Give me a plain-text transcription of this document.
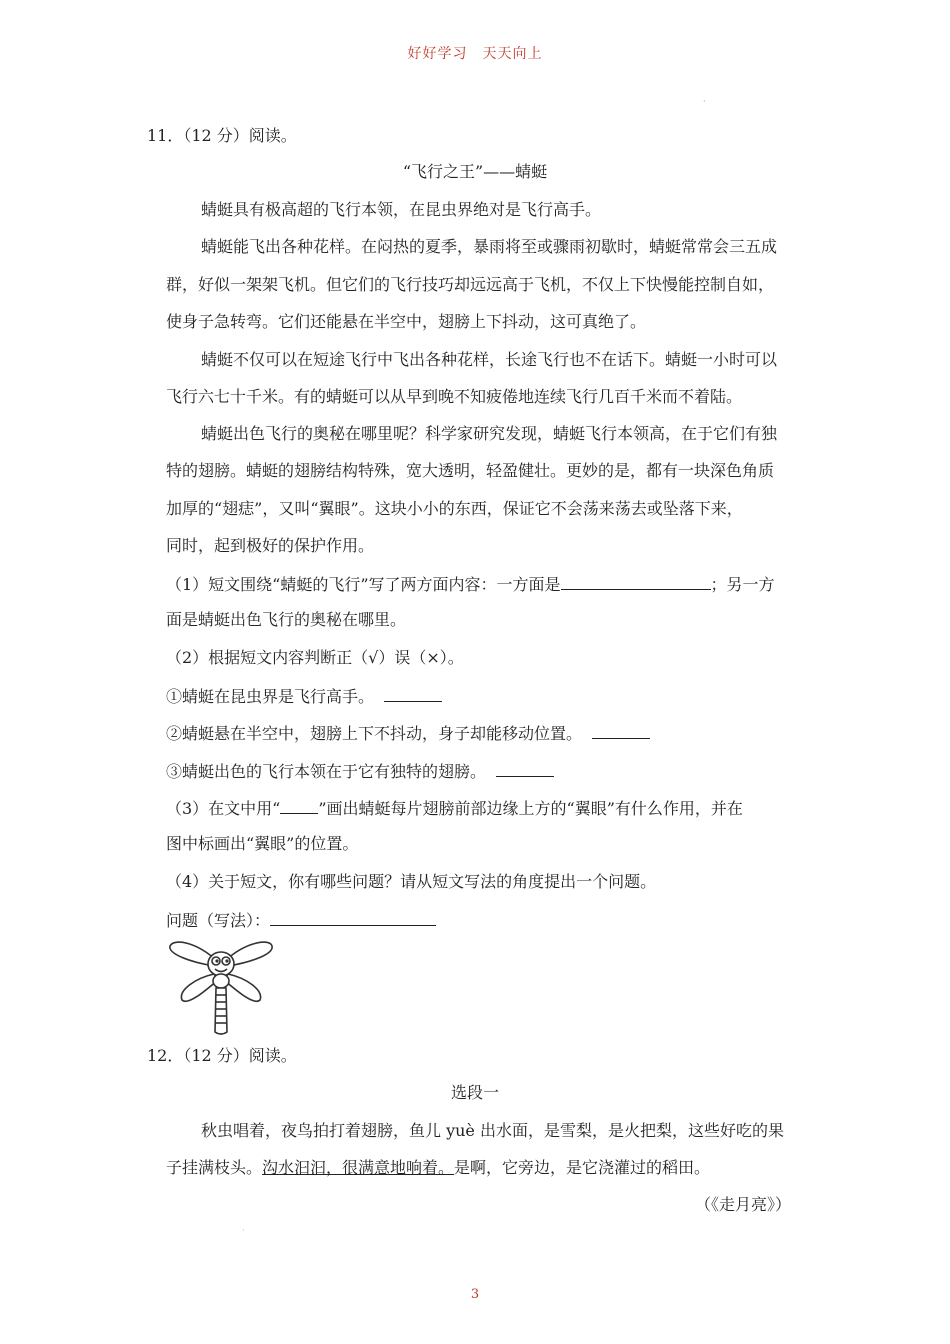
好好学习　天天向上
·
11．（12 分）阅读。
“飞行之王”——蜻蜓
蜻蜓具有极高超的飞行本领，在昆虫界绝对是飞行高手。
蜻蜓能飞出各种花样。在闷热的夏季，暴雨将至或骤雨初歇时，蜻蜓常常会三五成
群，好似一架架飞机。但它们的飞行技巧却远远高于飞机，不仅上下快慢能控制自如，
使身子急转弯。它们还能悬在半空中，翅膀上下抖动，这可真绝了。
蜻蜓不仅可以在短途飞行中飞出各种花样，长途飞行也不在话下。蜻蜓一小时可以
飞行六七十千米。有的蜻蜓可以从早到晚不知疲倦地连续飞行几百千米而不着陆。
蜻蜓出色飞行的奥秘在哪里呢？科学家研究发现，蜻蜓飞行本领高，在于它们有独
特的翅膀。蜻蜓的翅膀结构特殊，宽大透明，轻盈健壮。更妙的是，都有一块深色角质
加厚的“翅痣”，又叫“翼眼”。这块小小的东西，保证它不会荡来荡去或坠落下来，
同时，起到极好的保护作用。
（1）短文围绕“蜻蜓的飞行”写了两方面内容：一方面是	；另一方
面是蜻蜓出色飞行的奥秘在哪里。
（2）根据短文内容判断正（√）误（×）。
①蜻蜓在昆虫界是飞行高手。
②蜻蜓悬在半空中，翅膀上下不抖动，身子却能移动位置。
③蜻蜓出色的飞行本领在于它有独特的翅膀。
（3）在文中用“ ”画出蜻蜓每片翅膀前部边缘上方的“翼眼”有什么作用，并在
图中标画出“翼眼”的位置。
（4）关于短文，你有哪些问题？请从短文写法的角度提出一个问题。
问题（写法）：
12．（12 分）阅读。
选段一
秋虫唱着，夜鸟拍打着翅膀，鱼儿 yuè 出水面，是雪梨，是火把梨，这些好吃的果
子挂满枝头。沟水汩汩，很满意地响着。是啊，它旁边，是它浇灌过的稻田。
（《走月亮》）
·
3
